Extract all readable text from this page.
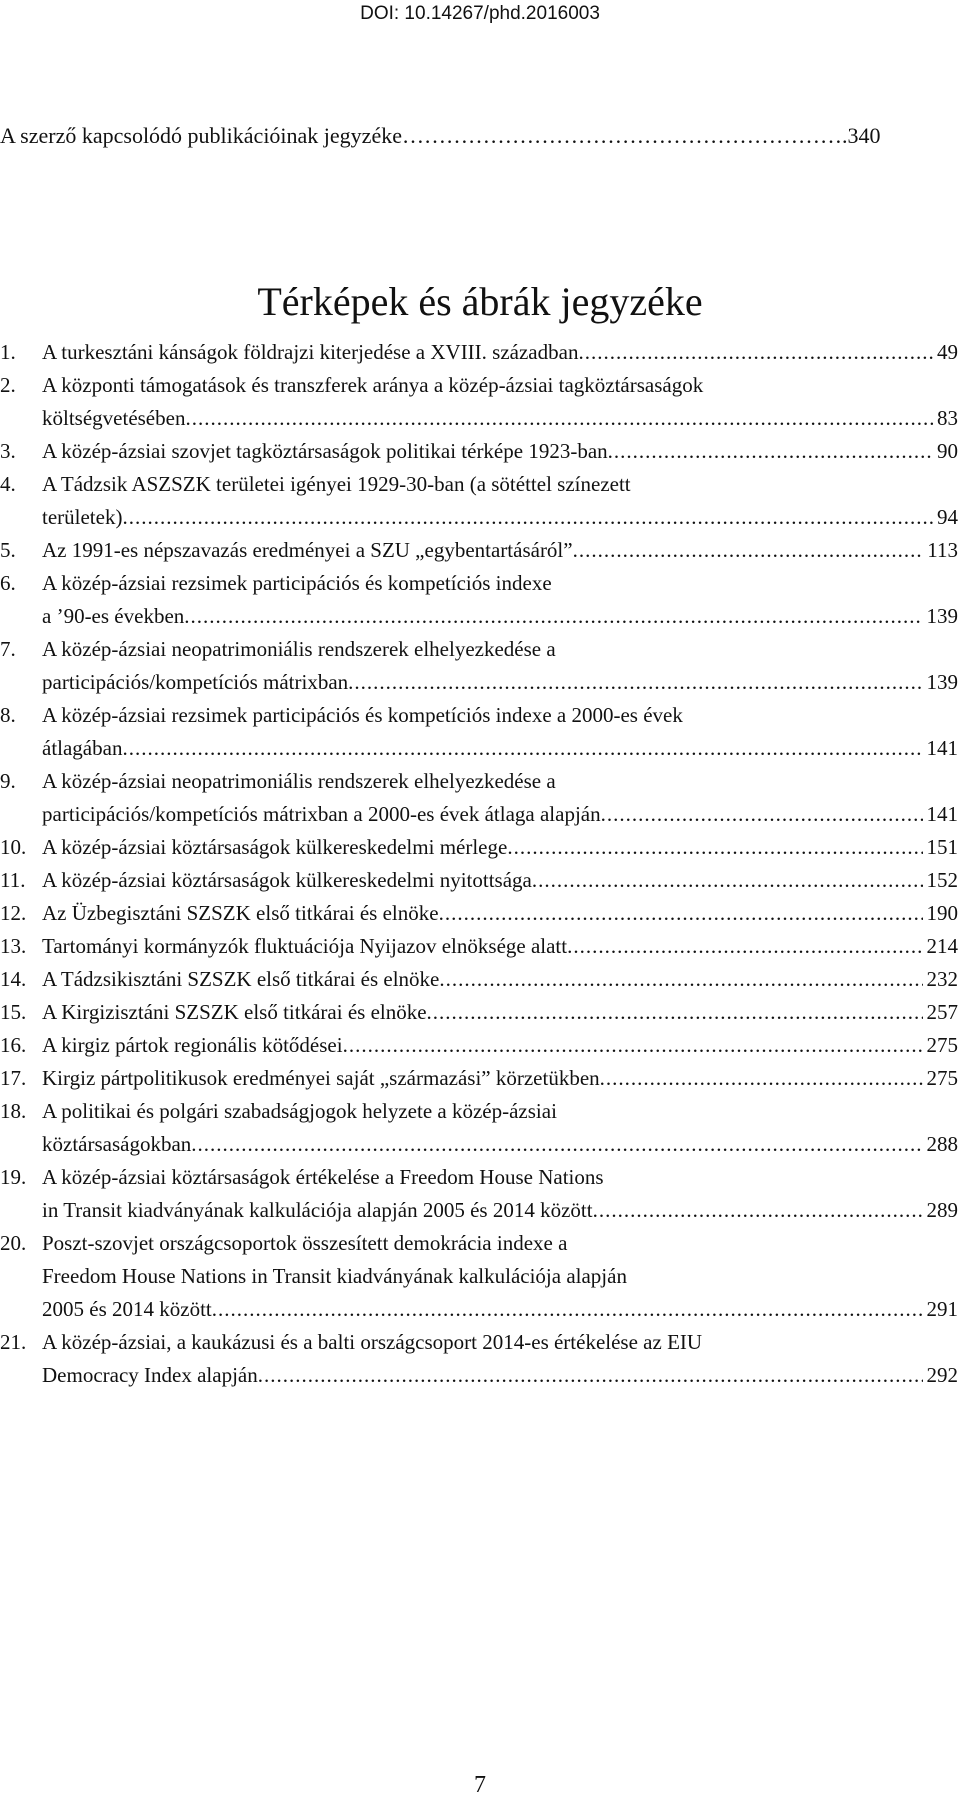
DOI: 10.14267/phd.2016003
A szerző kapcsolódó publikációinak jegyzéke…………………………………………………….340
Térképek és ábrák jegyzéke
1. A turkesztáni kánságok földrajzi kiterjedése a XVIII. században .....	49
2. A központi támogatások és transzferek aránya a közép-ázsiai tagköztársaságok
költségvetésében .....	83
3. A közép-ázsiai szovjet tagköztársaságok politikai térképe 1923-ban .....	90
4. A Tádzsik ASZSZK területei igényei 1929-30-ban (a sötéttel színezett
területek) .....	94
5. Az 1991-es népszavazás eredményei a SZU „egybentartásáról” .....	113
6. A közép-ázsiai rezsimek participációs és kompetíciós indexe
a ’90-es években .....	139
7. A közép-ázsiai neopatrimoniális rendszerek elhelyezkedése a
participációs/kompetíciós mátrixban .....	139
8. A közép-ázsiai rezsimek participációs és kompetíciós indexe a 2000-es évek
átlagában .....	141
9. A közép-ázsiai neopatrimoniális rendszerek elhelyezkedése a
participációs/kompetíciós mátrixban a 2000-es évek átlaga alapján .....	141
10. A közép-ázsiai köztársaságok külkereskedelmi mérlege .....	151
11. A közép-ázsiai köztársaságok külkereskedelmi nyitottsága .....	152
12. Az Üzbegisztáni SZSZK első titkárai és elnöke .....	190
13. Tartományi kormányzók fluktuációja Nyijazov elnöksége alatt .....	214
14. A Tádzsikisztáni SZSZK első titkárai és elnöke .....	232
15. A Kirgizisztáni SZSZK első titkárai és elnöke .....	257
16. A kirgiz pártok regionális kötődései .....	275
17. Kirgiz pártpolitikusok eredményei saját „származási” körzetükben .....	275
18. A politikai és polgári szabadságjogok helyzete a közép-ázsiai
köztársaságokban .....	288
19. A közép-ázsiai köztársaságok értékelése a Freedom House Nations
in Transit kiadványának kalkulációja alapján 2005 és 2014 között .....	289
20. Poszt-szovjet országcsoportok összesített demokrácia indexe a
Freedom House Nations in Transit kiadványának kalkulációja alapján
2005 és 2014 között .....	291
21. A közép-ázsiai, a kaukázusi és a balti országcsoport 2014-es értékelése az EIU
Democracy Index alapján .....	292
7
